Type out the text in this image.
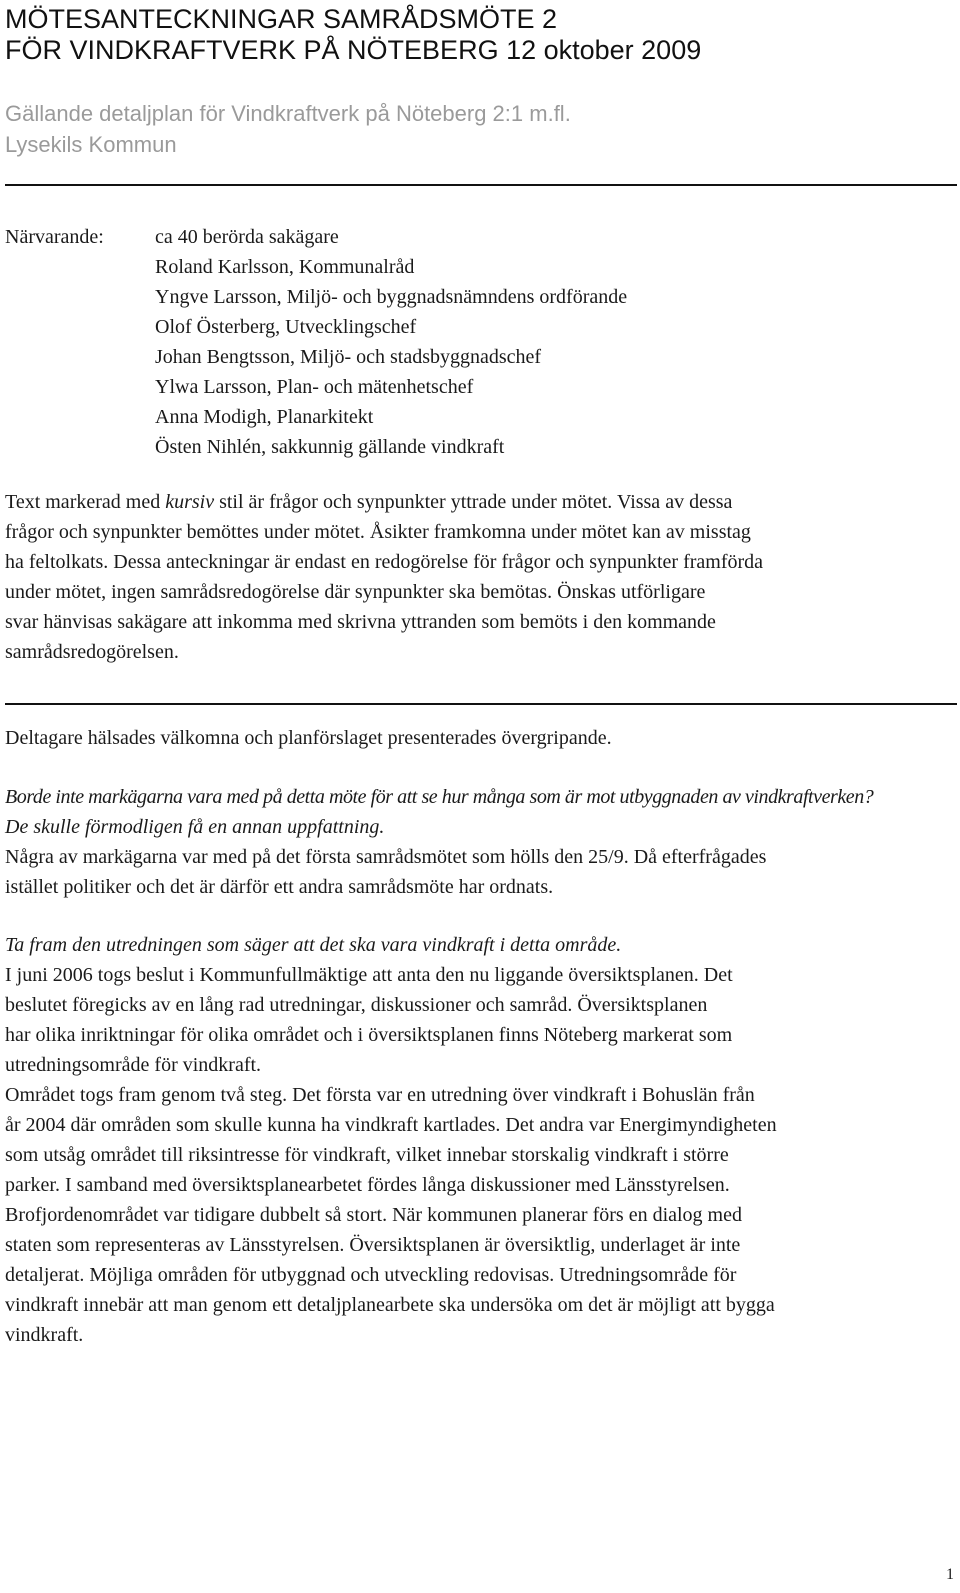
MÖTESANTECKNINGAR SAMRÅDSMÖTE 2
FÖR VINDKRAFTVERK PÅ NÖTEBERG 12 oktober 2009
Gällande detaljplan för Vindkraftverk på Nöteberg 2:1 m.fl.
Lysekils Kommun
Närvarande:	ca 40 berörda sakägare
Roland Karlsson, Kommunalråd
Yngve Larsson, Miljö- och byggnadsnämndens ordförande
Olof Österberg, Utvecklingschef
Johan Bengtsson, Miljö- och stadsbyggnadschef
Ylwa Larsson, Plan- och mätenhetschef
Anna Modigh, Planarkitekt
Östen Nihlén, sakkunnig gällande vindkraft
Text markerad med kursiv stil är frågor och synpunkter yttrade under mötet. Vissa av dessa
frågor och synpunkter bemöttes under mötet. Åsikter framkomna under mötet kan av misstag
ha feltolkats. Dessa anteckningar är endast en redogörelse för frågor och synpunkter framförda
under mötet, ingen samrådsredogörelse där synpunkter ska bemötas. Önskas utförligare
svar hänvisas sakägare att inkomma med skrivna yttranden som bemöts i den kommande
samrådsredogörelsen.
Deltagare hälsades välkomna och planförslaget presenterades övergripande.
Borde inte markägarna vara med på detta möte för att se hur många som är mot utbyggnaden av vindkraftverken?
De skulle förmodligen få en annan uppfattning.
Några av markägarna var med på det första samrådsmötet som hölls den 25/9. Då efterfrågades
istället politiker och det är därför ett andra samrådsmöte har ordnats.
Ta fram den utredningen som säger att det ska vara vindkraft i detta område.
I juni 2006 togs beslut i Kommunfullmäktige att anta den nu liggande översiktsplanen. Det
beslutet föregicks av en lång rad utredningar, diskussioner och samråd. Översiktsplanen
har olika inriktningar för olika området och i översiktsplanen finns Nöteberg markerat som
utredningsområde för vindkraft.
Området togs fram genom två steg. Det första var en utredning över vindkraft i Bohuslän från
år 2004 där områden som skulle kunna ha vindkraft kartlades. Det andra var Energimyndigheten
som utsåg området till riksintresse för vindkraft, vilket innebar storskalig vindkraft i större
parker. I samband med översiktsplanearbetet fördes långa diskussioner med Länsstyrelsen.
Brofjordenområdet var tidigare dubbelt så stort. När kommunen planerar förs en dialog med
staten som representeras av Länsstyrelsen. Översiktsplanen är översiktlig, underlaget är inte
detaljerat. Möjliga områden för utbyggnad och utveckling redovisas. Utredningsområde för
vindkraft innebär att man genom ett detaljplanearbete ska undersöka om det är möjligt att bygga
vindkraft.
1
